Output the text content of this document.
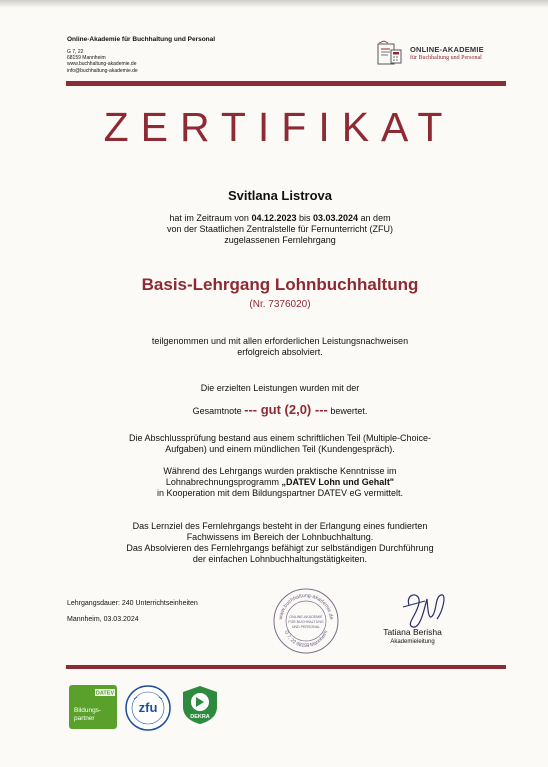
Online-Akademie für Buchhaltung und Personal
G 7, 22
68159 Mannheim
www.buchhaltung-akademie.de
info@buchhaltung-akademie.de
ONLINE-AKADEMIE
für Buchhaltung und Personal
ZERTIFIKAT
Svitlana Listrova
hat im Zeitraum von 04.12.2023 bis 03.03.2024 an dem
von der Staatlichen Zentralstelle für Fernunterricht (ZFU)
zugelassenen Fernlehrgang
Basis-Lehrgang Lohnbuchhaltung
(Nr. 7376020)
teilgenommen und mit allen erforderlichen Leistungsnachweisen
erfolgreich absolviert.
Die erzielten Leistungen wurden mit der
Gesamtnote --- gut (2,0) --- bewertet.
Die Abschlussprüfung bestand aus einem schriftlichen Teil (Multiple-Choice-
Aufgaben) und einem mündlichen Teil (Kundengespräch).
Während des Lehrgangs wurden praktische Kenntnisse im
Lohnabrechnungsprogramm „DATEV Lohn und Gehalt"
in Kooperation mit dem Bildungspartner DATEV eG vermittelt.
Das Lernziel des Fernlehrgangs besteht in der Erlangung eines fundierten
Fachwissens im Bereich der Lohnbuchhaltung.
Das Absolvieren des Fernlehrgangs befähigt zur selbständigen Durchführung
der einfachen Lohnbuchhaltungstätigkeiten.
Lehrgangsdauer: 240 Unterrichtseinheiten
Mannheim, 03.03.2024	www.buchhaltung-akademie.de
G 7, 22 68159 Mannheim
ONLINE-AKADEMIE
FÜR BUCHHALTUNG
UND PERSONAL	Tatiana Berisha
Akademieleitung
DATEV
Bildungs-
partner
zfu
DEKRA
